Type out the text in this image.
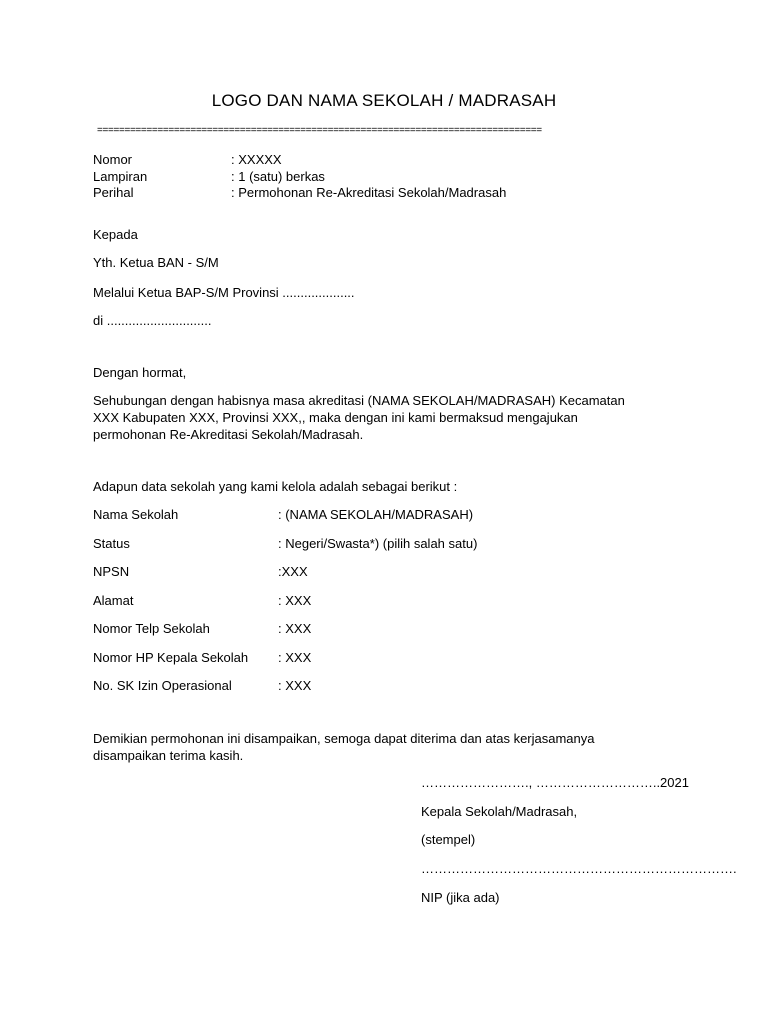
LOGO DAN NAMA SEKOLAH / MADRASAH
=================================================================================
Nomor	: XXXXX
Lampiran	: 1 (satu) berkas
Perihal	: Permohonan Re-Akreditasi Sekolah/Madrasah
Kepada
Yth. Ketua BAN - S/M
Melalui Ketua BAP-S/M Provinsi ....................
di .............................
Dengan hormat,
Sehubungan dengan habisnya masa akreditasi (NAMA SEKOLAH/MADRASAH) Kecamatan XXX Kabupaten XXX, Provinsi XXX,, maka dengan ini kami bermaksud mengajukan permohonan Re-Akreditasi Sekolah/Madrasah.
Adapun data sekolah yang kami kelola adalah sebagai berikut :
Nama Sekolah	: (NAMA SEKOLAH/MADRASAH)
Status	: Negeri/Swasta*) (pilih salah satu)
NPSN	:XXX
Alamat	: XXX
Nomor Telp Sekolah	: XXX
Nomor HP Kepala Sekolah : XXX
No. SK Izin Operasional	: XXX
Demikian permohonan ini disampaikan, semoga dapat diterima dan atas kerjasamanya disampaikan terima kasih.
……………………., ………………………..2021
Kepala Sekolah/Madrasah,
(stempel)
……………………………………………………………….
NIP (jika ada)
